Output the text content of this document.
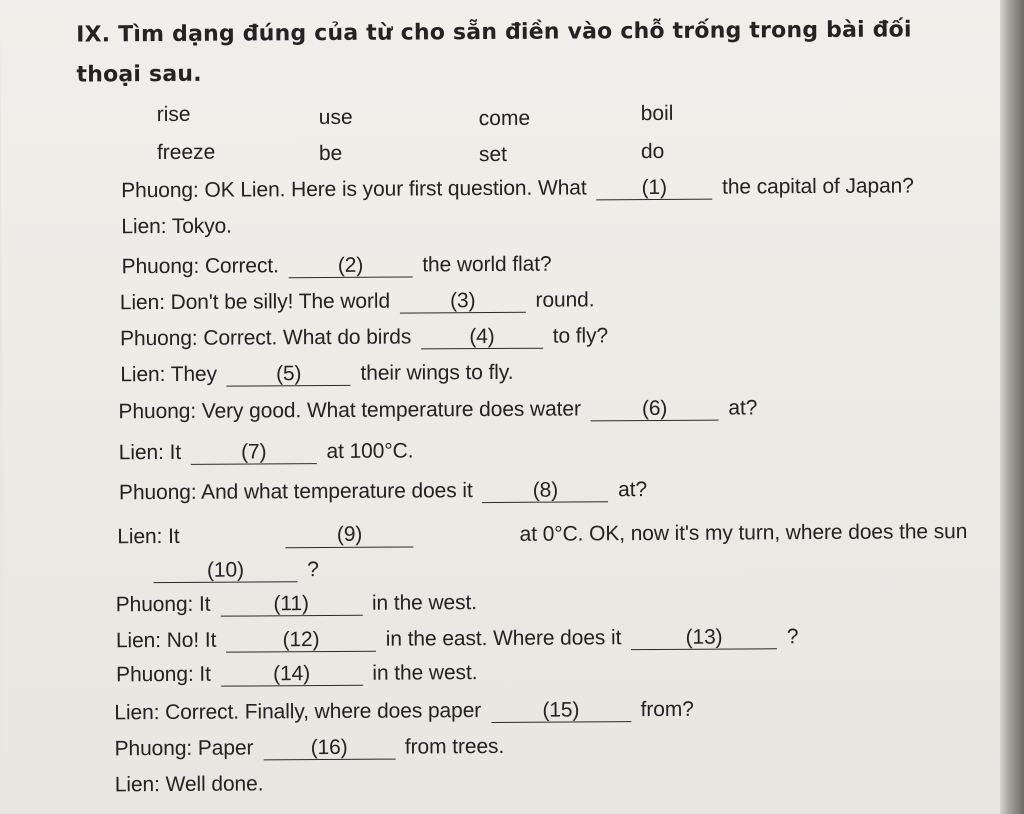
IX. Tìm dạng đúng của từ cho sẵn điền vào chỗ trống trong bài đối thoại sau.
rise	use	come	boil
freeze	be	set	do
Phuong: OK Lien. Here is your first question. What	(1)	the capital of Japan?
Lien: Tokyo.
Phuong: Correct.	(2)	the world flat?
Lien: Don't be silly! The world	(3)	round.
Phuong: Correct. What do birds	(4)	to fly?
Lien: They	(5)	their wings to fly.
Phuong: Very good. What temperature does water	(6)	at?
Lien: It	(7)	at 100°C.
Phuong: And what temperature does it	(8)	at?
Lien: It	(9)	at 0°C. OK, now it's my turn, where does the sun
(10)	?
Phuong: It	(11)	in the west.
Lien: No! It	(12)	in the east. Where does it	(13)	?
Phuong: It	(14)	in the west.
Lien: Correct. Finally, where does paper	(15)	from?
Phuong: Paper	(16)	from trees.
Lien: Well done.
